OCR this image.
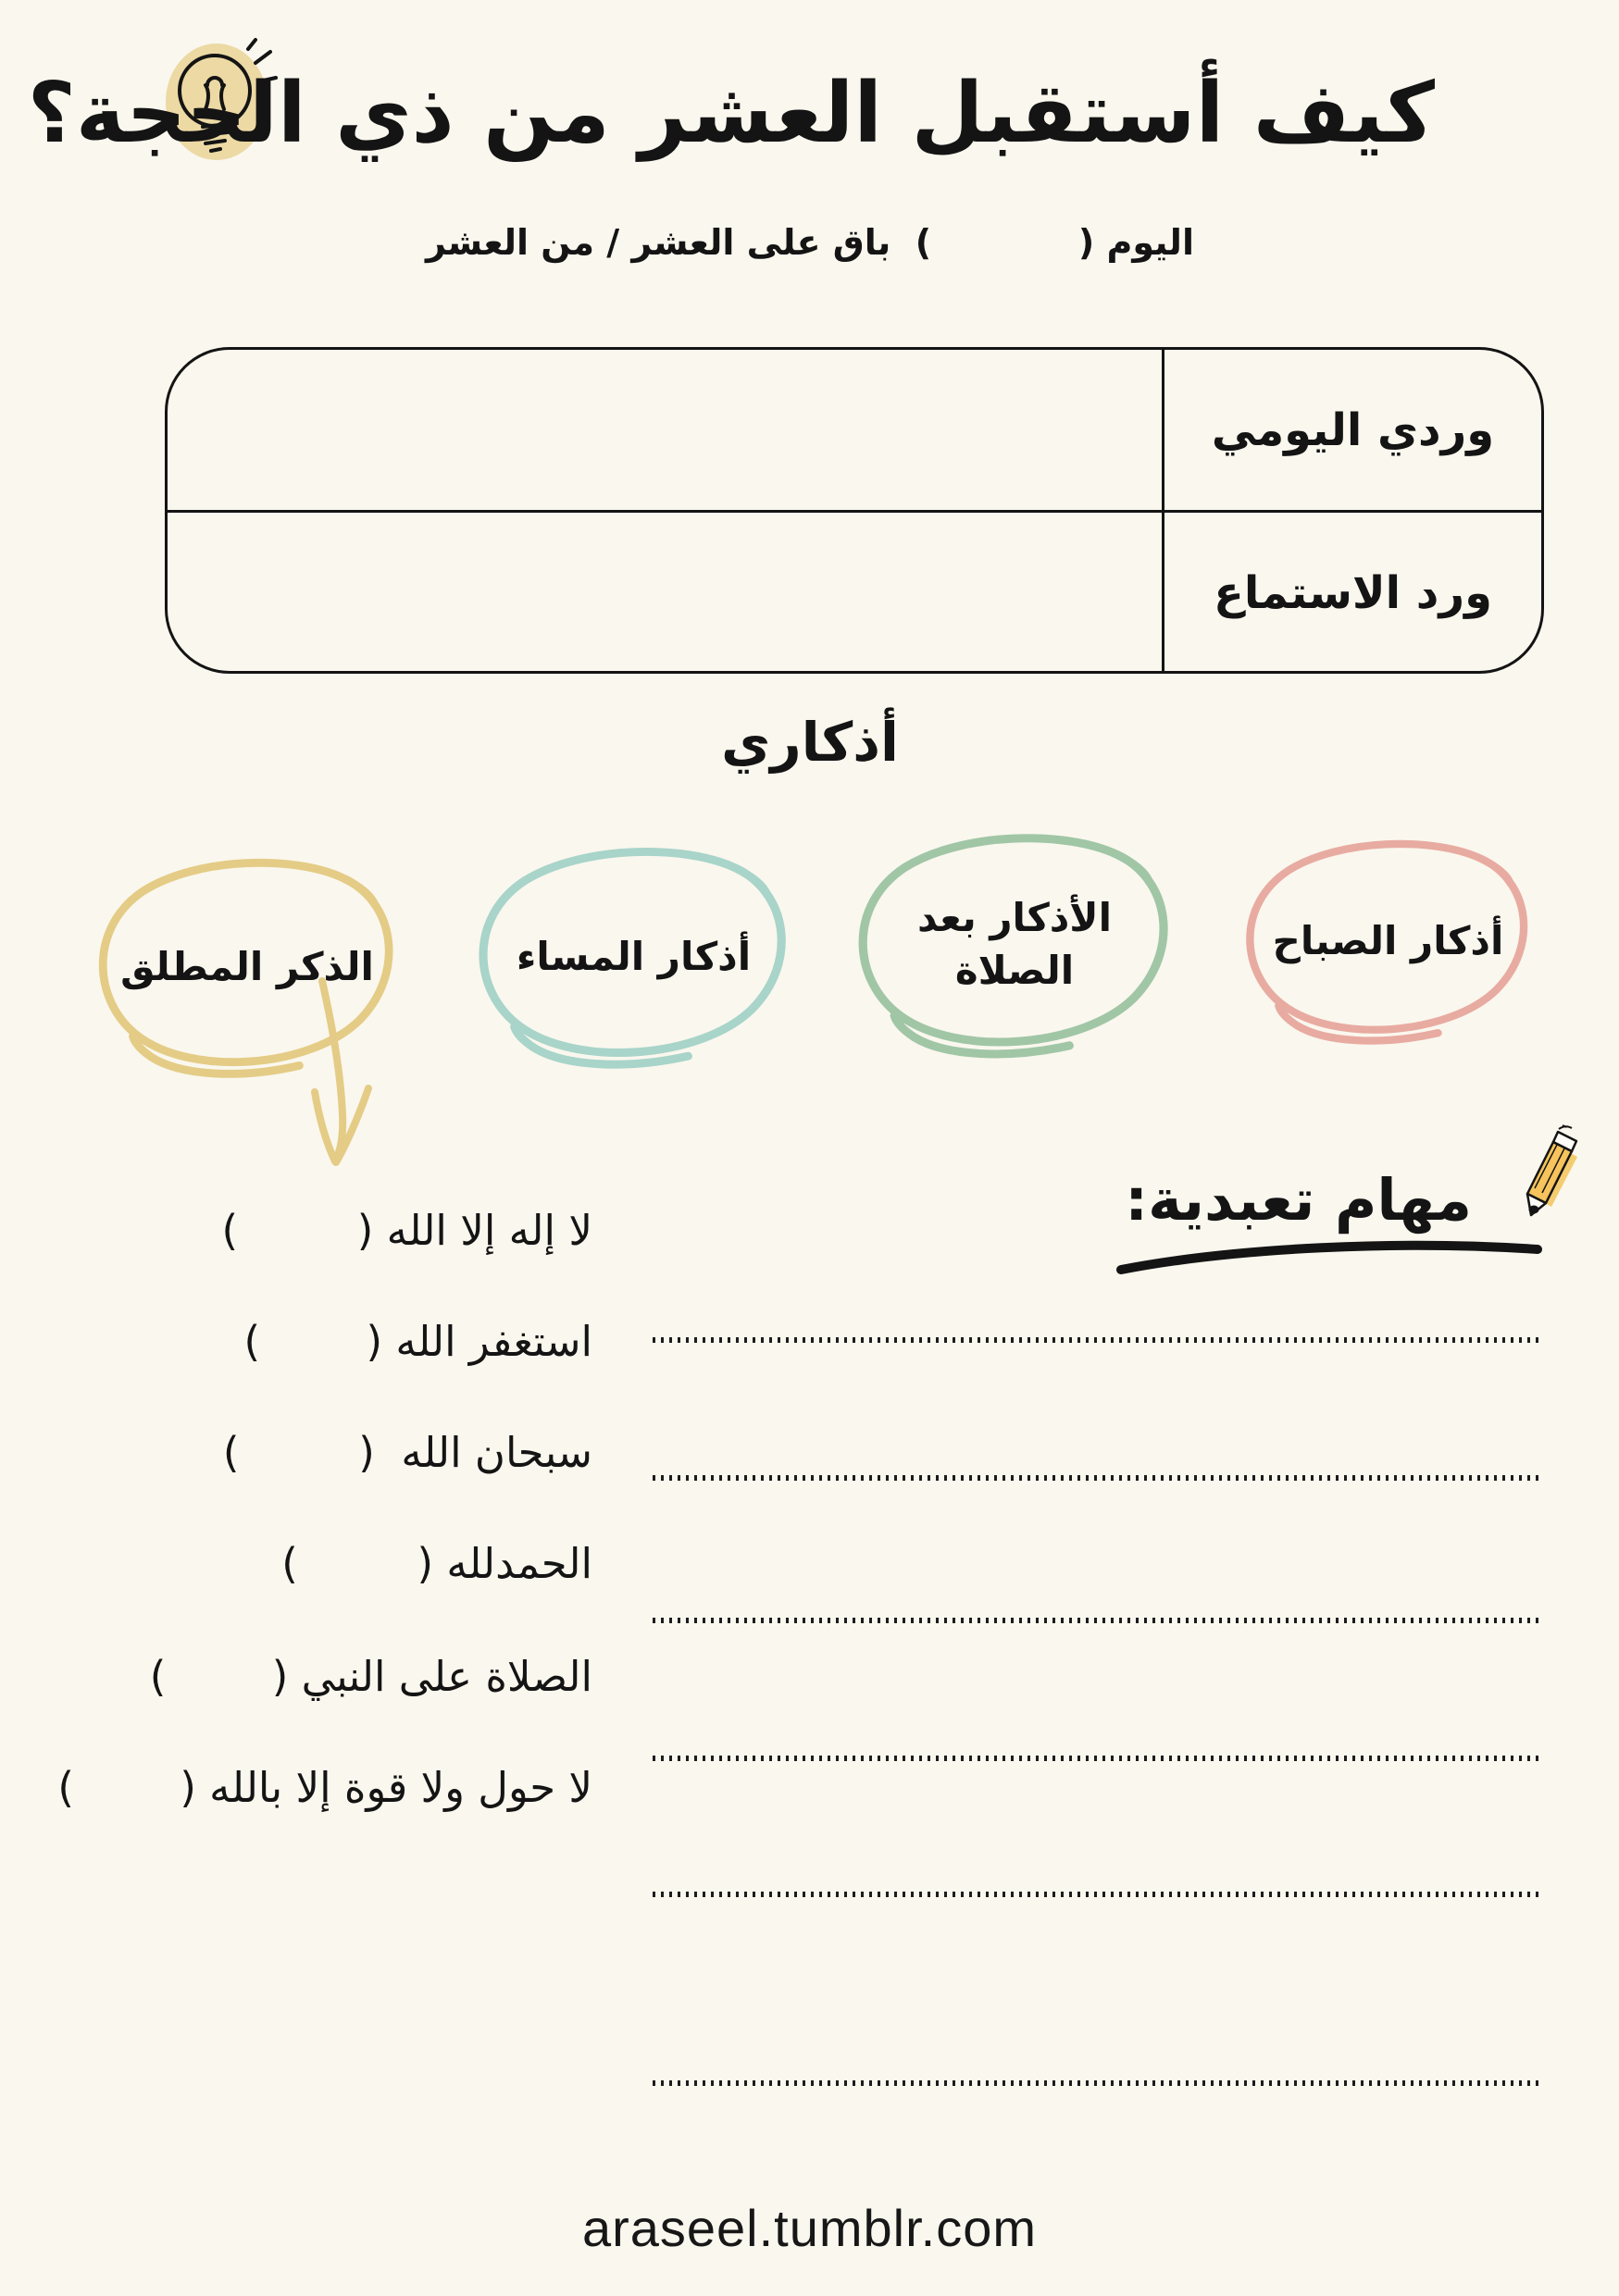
كيف أستقبل العشر من ذي الحجة؟
اليوم (            )  باق على العشر / من العشر
وردي اليومي
ورد الاستماع
أذكاري
أذكار الصباح
الأذكار بعد الصلاة
أذكار المساء
الذكر المطلق
مهام تعبدية:
لا إله إلا الله (         )
استغفر الله (        )
سبحان الله  (         )
الحمدلله (         )
الصلاة على النبي (        )
لا حول ولا قوة إلا بالله (        )
araseel.tumblr.com
